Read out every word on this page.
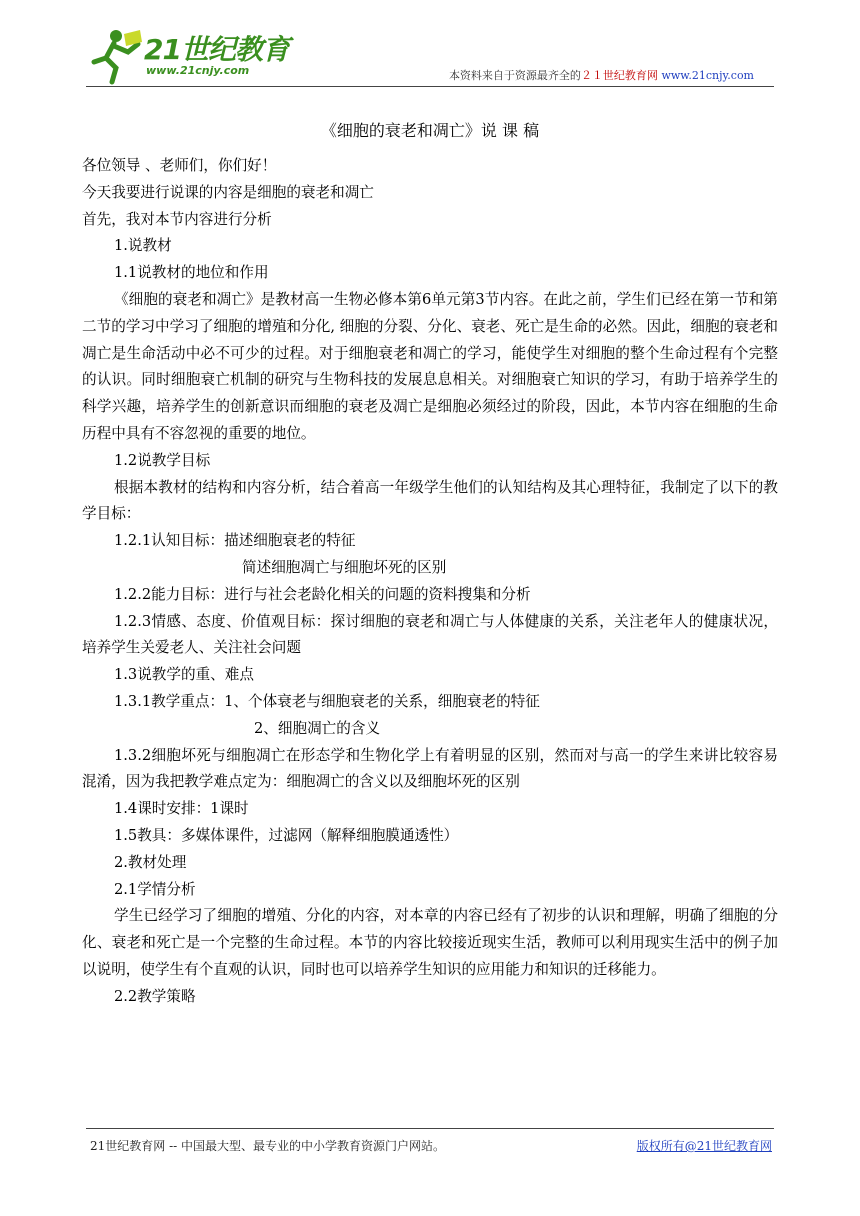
21世纪教育
www.21cnjy.com	本资料来自于资源最齐全的２１世纪教育网 www.21cnjy.com
《细胞的衰老和凋亡》说 课 稿

各位领导 、老师们，你们好！

今天我要进行说课的内容是细胞的衰老和凋亡

首先，我对本节内容进行分析

1.说教材

1.1说教材的地位和作用

《细胞的衰老和凋亡》是教材高一生物必修本第6单元第3节内容。在此之前，学生们已经在第一节和第二节的学习中学习了细胞的增殖和分化, 细胞的分裂、分化、衰老、死亡是生命的必然。因此，细胞的衰老和凋亡是生命活动中必不可少的过程。对于细胞衰老和凋亡的学习，能使学生对细胞的整个生命过程有个完整的认识。同时细胞衰亡机制的研究与生物科技的发展息息相关。对细胞衰亡知识的学习，有助于培养学生的科学兴趣，培养学生的创新意识而细胞的衰老及凋亡是细胞必须经过的阶段，因此，本节内容在细胞的生命历程中具有不容忽视的重要的地位。

1.2说教学目标

根据本教材的结构和内容分析，结合着高一年级学生他们的认知结构及其心理特征，我制定了以下的教学目标：

1.2.1认知目标：描述细胞衰老的特征

简述细胞凋亡与细胞坏死的区别

1.2.2能力目标：进行与社会老龄化相关的问题的资料搜集和分析

1.2.3情感、态度、价值观目标：探讨细胞的衰老和凋亡与人体健康的关系，关注老年人的健康状况，培养学生关爱老人、关注社会问题

1.3说教学的重、难点

1.3.1教学重点：1、个体衰老与细胞衰老的关系，细胞衰老的特征

2、细胞凋亡的含义

1.3.2细胞坏死与细胞凋亡在形态学和生物化学上有着明显的区别，然而对与高一的学生来讲比较容易混淆，因为我把教学难点定为：细胞凋亡的含义以及细胞坏死的区别

1.4课时安排：1课时

1.5教具：多媒体课件，过滤网（解释细胞膜通透性）

2.教材处理

2.1学情分析

学生已经学习了细胞的增殖、分化的内容，对本章的内容已经有了初步的认识和理解，明确了细胞的分化、衰老和死亡是一个完整的生命过程。本节的内容比较接近现实生活，教师可以利用现实生活中的例子加以说明，使学生有个直观的认识，同时也可以培养学生知识的应用能力和知识的迁移能力。

2.2教学策略

21世纪教育网 -- 中国最大型、最专业的中小学教育资源门户网站。	版权所有@21世纪教育网
